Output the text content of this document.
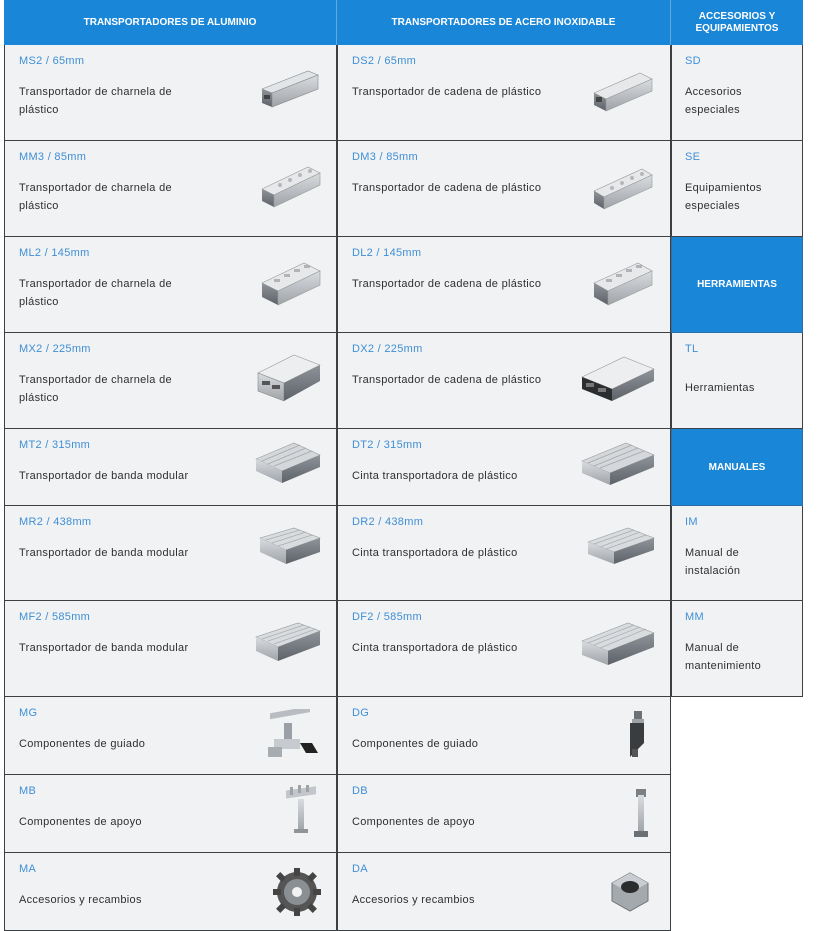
TRANSPORTADORES DE ALUMINIO
MS2 / 65mm
Transportador de charnela de plástico
MM3 / 85mm
Transportador de charnela de plástico
ML2 / 145mm
Transportador de charnela de plástico
MX2 / 225mm
Transportador de charnela de plástico
MT2 / 315mm
Transportador de banda modular
MR2 / 438mm
Transportador de banda modular
MF2 / 585mm
Transportador de banda modular
MG
Componentes de guiado
MB
Componentes de apoyo
MA
Accesorios y recambios
TRANSPORTADORES DE ACERO INOXIDABLE
DS2 / 65mm
Transportador de cadena de plástico
DM3 / 85mm
Transportador de cadena de plástico
DL2 / 145mm
Transportador de cadena de plástico
DX2 / 225mm
Transportador de cadena de plástico
DT2 / 315mm
Cinta transportadora de plástico
DR2 / 438mm
Cinta transportadora de plástico
DF2 / 585mm
Cinta transportadora de plástico
DG
Componentes de guiado
DB
Componentes de apoyo
DA
Accesorios y recambios
ACCESORIOS Y EQUIPAMIENTOS
SD
Accesorios especiales
SE
Equipamientos especiales
HERRAMIENTAS
TL
Herramientas
MANUALES
IM
Manual de instalación
MM
Manual de mantenimiento
